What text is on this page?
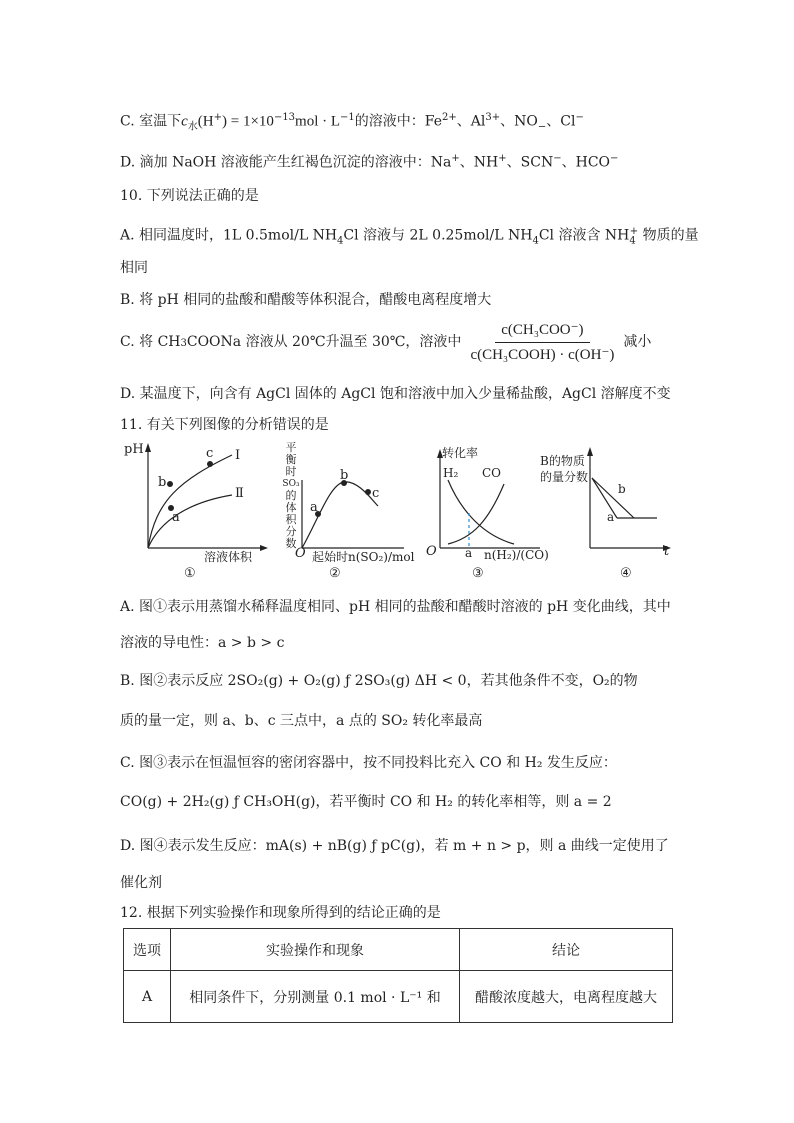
C. 室温下$c_水(H^+) = 1\times 10^{-13}mol \cdot L^{-1}$的溶液中：$Fe^{2+}$、$Al^{3+}$、$NO_-$、Cl−
D. 滴加 NaOH 溶液能产生红褐色沉淀的溶液中：Na+、NH+、SCN−、HCO−
10. 下列说法正确的是
A. 相同温度时，1L 0.5mol/L $NH_4Cl$ 溶液与 2L 0.25mol/L $NH_4Cl$ 溶液含 $NH_4^+$ 物质的量
相同
B. 将 pH 相同的盐酸和醋酸等体积混合，醋酸电离程度增大
C. 将 CH 3 COONa 溶液从 20℃升温至 30℃，溶液中 $\frac{\text{c(CH₃COO⁻)}}{\text{c(CH₃COOH) · c(OH⁻)}}$ 减小
D. 某温度下，向含有 AgCl 固体的 AgCl 饱和溶液中加入少量稀盐酸，AgCl 溶解度不变
11. 有关下列图像的分析错误的是
pH	Ⅰ
Ⅱ
b
c
a
溶液体积
①
平
衡
时
SO₃
的
体
积
分
数
O
a
b
c
起始时n(SO₂)/mol
②
转化率
H₂ CO
O a n(H₂)/(CO)
③
B的物质
的量分数
b
a
t
④
A. 图①表示用蒸馏水稀释温度相同、pH 相同的盐酸和醋酸时溶液的 pH 变化曲线，其中
溶液的导电性：a > b > c
B. 图②表示反应 2SO₂(g) + O₂(g) ƒ 2SO₃(g) ΔH < 0，若其他条件不变，O₂的物
质的量一定，则 a、b、c 三点中，a 点的 SO₂ 转化率最高
C. 图③表示在恒温恒容的密闭容器中，按不同投料比充入 CO 和 H₂ 发生反应：
CO(g) + 2H₂(g) ƒ CH₃OH(g)，若平衡时 CO 和 H₂ 的转化率相等，则 a = 2
D. 图④表示发生反应：mA(s) + nB(g) ƒ pC(g)，若 m + n > p，则 a 曲线一定使用了
催化剂
12. 根据下列实验操作和现象所得到的结论正确的是
选项	实验操作和现象	结论
A	相同条件下，分别测量 0.1 mol · L⁻¹ 和	醋酸浓度越大，电离程度越大
